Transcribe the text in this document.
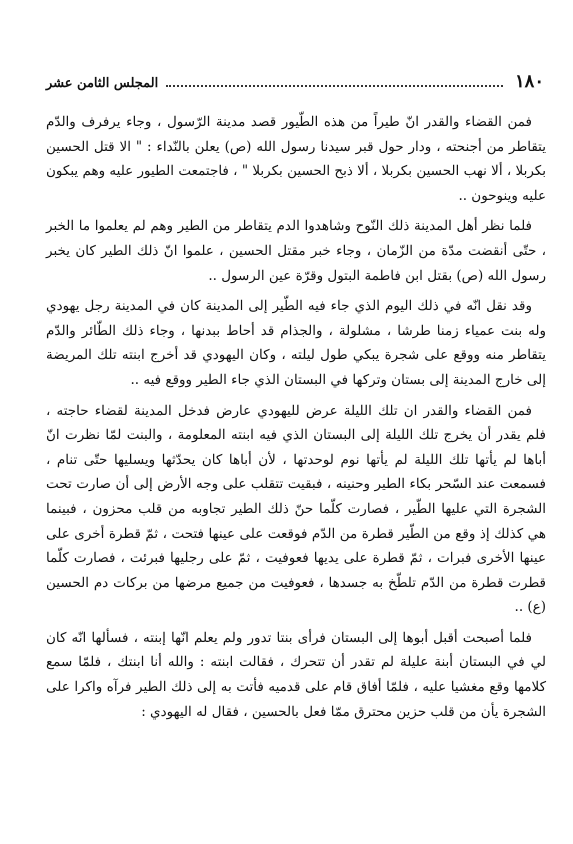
١٨٠
المجلس الثامن عشر

فمن القضاء والقدر انّ طيراً من هذه الطّيور قصد مدينة الرّسول ، وجاء يرفرف والدّم يتقاطر من أجنحته ، ودار حول قبر سيدنا رسول الله (ص) يعلن بالنّداء : " الا قتل الحسين بكربلا ، ألا نهب الحسين بكربلا ، ألا ذبح الحسين بكربلا " ، فاجتمعت الطيور عليه وهم يبكون عليه وينوحون ..

فلما نظر أهل المدينة ذلك النّوح وشاهدوا الدم يتقاطر من الطير وهم لم يعلموا ما الخبر ، حتّى أنقضت مدّة من الزّمان ، وجاء خبر مقتل الحسين ، علموا انّ ذلك الطير كان يخبر رسول الله (ص) بقتل ابن فاطمة البتول وقرّة عين الرسول ..

وقد نقل انّه في ذلك اليوم الذي جاء فيه الطّير إلى المدينة كان في المدينة رجل يهودي وله بنت عمياء زمنا طرشا ، مشلولة ، والجذام قد أحاط ببدنها ، وجاء ذلك الطّائر والدّم يتقاطر منه ووقع على شجرة يبكي طول ليلته ، وكان اليهودي قد أخرج ابنته تلك المريضة إلى خارج المدينة إلى بستان وتركها في البستان الذي جاء الطير ووقع فيه ..

فمن القضاء والقدر ان تلك الليلة عرض لليهودي عارض فدخل المدينة لقضاء حاجته ، فلم يقدر أن يخرج تلك الليلة إلى البستان الذي فيه ابنته المعلومة ، والبنت لمّا نظرت انّ أباها لم يأتها تلك الليلة لم يأتها نوم لوحدتها ، لأن أباها كان يحدّثها ويسليها حتّى تنام ، فسمعت عند السّحر بكاء الطير وحنينه ، فبقيت تتقلب على وجه الأرض إلى أن صارت تحت الشجرة التي عليها الطّير ، فصارت كلّما حنّ ذلك الطير تجاوبه من قلب محزون ، فبينما هي كذلك إذ وقع من الطّير قطرة من الدّم فوقعت على عينها فتحت ، ثمّ قطرة أخرى على عينها الأخرى فبرات ، ثمّ قطرة على يديها فعوفيت ، ثمّ على رجليها فبرئت ، فصارت كلّما قطرت قطرة من الدّم تلطّخ به جسدها ، فعوفيت من جميع مرضها من بركات دم الحسين (ع) ..

فلما أصبحت أقبل أبوها إلى البستان فرأى بنتا تدور ولم يعلم انّها إبنته ، فسألها انّه كان لي في البستان أبنة عليلة لم تقدر أن تتحرك ، فقالت ابنته : والله أنا ابنتك ، فلمّا سمع كلامها وقع مغشيا عليه ، فلمّا أفاق قام على قدميه فأتت به إلى ذلك الطير فرآه واكرا على الشجرة يأن من قلب حزين محترق ممّا فعل بالحسين ، فقال له اليهودي :
